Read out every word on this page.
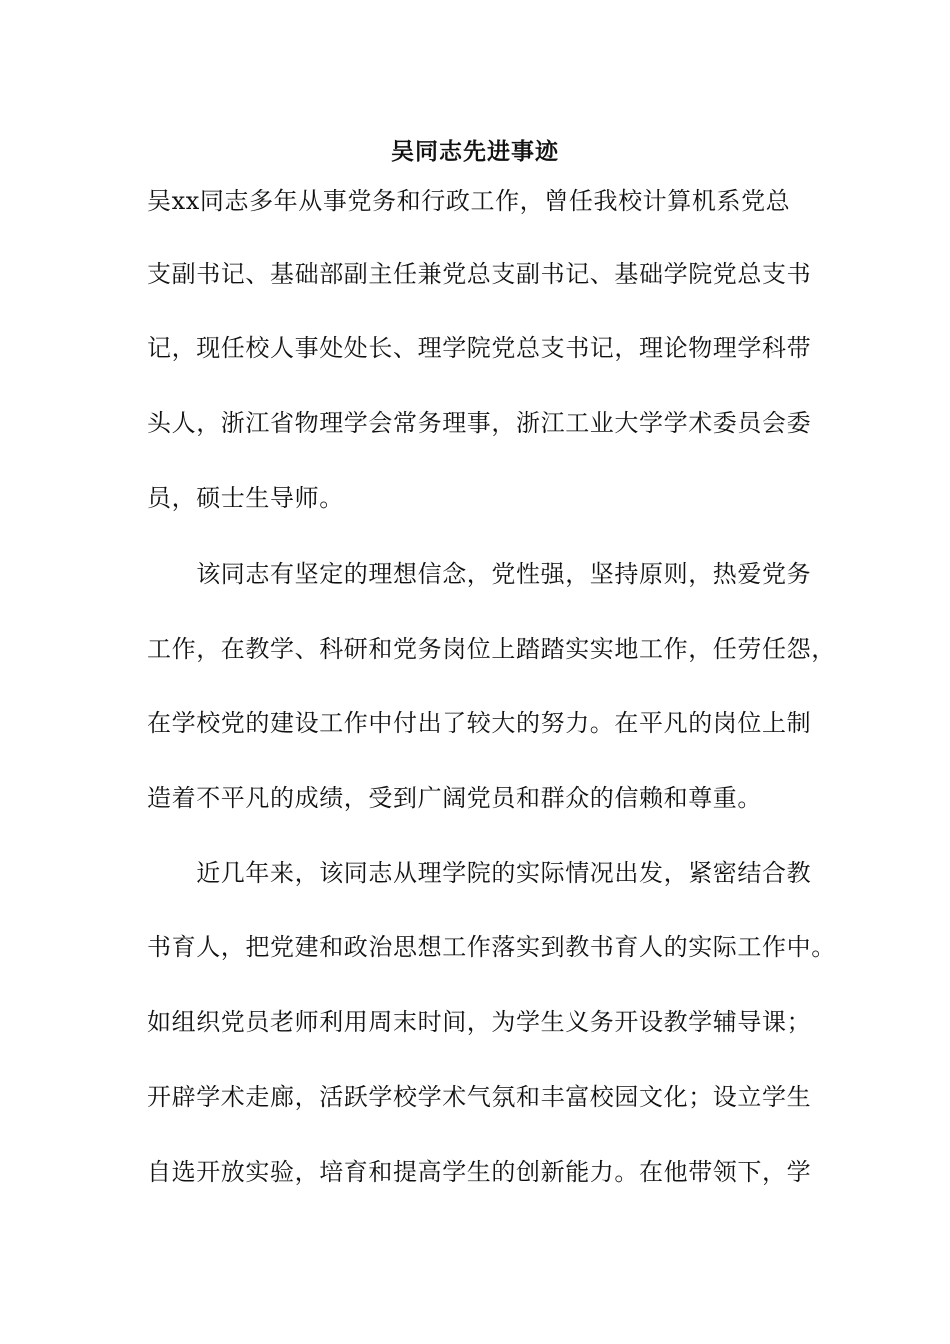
吴同志先进事迹
吴xx同志多年从事党务和行政工作，曾任我校计算机系党总
支副书记、基础部副主任兼党总支副书记、基础学院党总支书
记，现任校人事处处长、理学院党总支书记，理论物理学科带
头人，浙江省物理学会常务理事，浙江工业大学学术委员会委
员，硕士生导师。
　　该同志有坚定的理想信念，党性强，坚持原则，热爱党务
工作，在教学、科研和党务岗位上踏踏实实地工作，任劳任怨，
在学校党的建设工作中付出了较大的努力。在平凡的岗位上制
造着不平凡的成绩，受到广阔党员和群众的信赖和尊重。
　　近几年来，该同志从理学院的实际情况出发，紧密结合教
书育人，把党建和政治思想工作落实到教书育人的实际工作中。
如组织党员老师利用周末时间，为学生义务开设教学辅导课；
开辟学术走廊，活跃学校学术气氛和丰富校园文化；设立学生
自选开放实验，培育和提高学生的创新能力。在他带领下，学
